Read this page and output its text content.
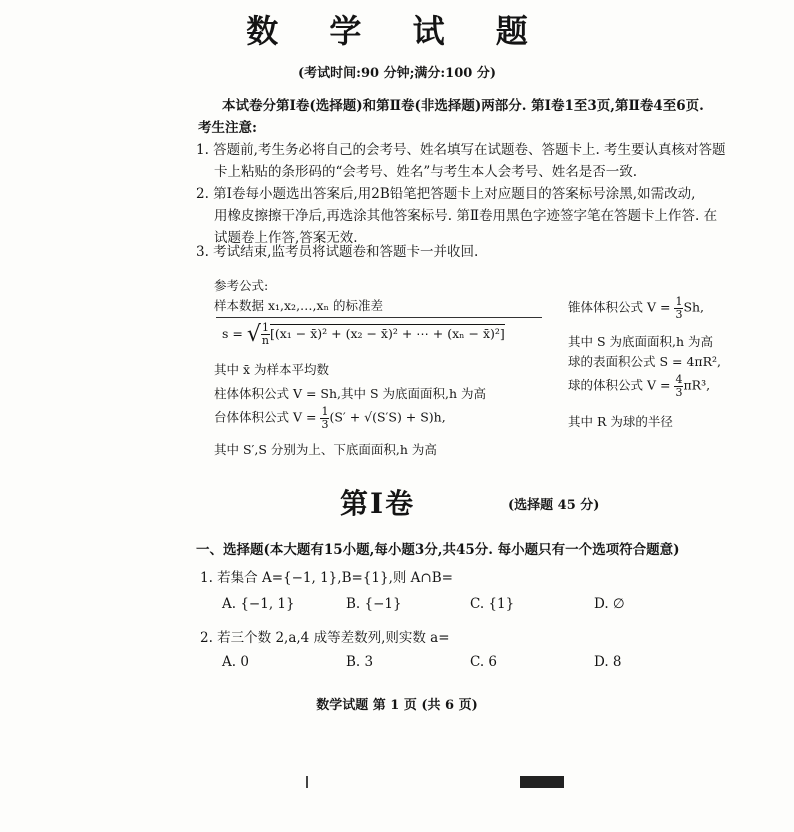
数 学 试 题
(考试时间:90 分钟;满分:100 分)
本试卷分第Ⅰ卷(选择题)和第Ⅱ卷(非选择题)两部分. 第Ⅰ卷1至3页,第Ⅱ卷4至6页.
考生注意:
1. 答题前,考生务必将自己的会考号、姓名填写在试题卷、答题卡上. 考生要认真核对答题
卡上粘贴的条形码的“会考号、姓名”与考生本人会考号、姓名是否一致.
2. 第Ⅰ卷每小题选出答案后,用2B铅笔把答题卡上对应题目的答案标号涂黑,如需改动,
用橡皮擦擦干净后,再选涂其他答案标号. 第Ⅱ卷用黑色字迹签字笔在答题卡上作答. 在
试题卷上作答,答案无效.
3. 考试结束,监考员将试题卷和答题卡一并收回.
参考公式:
样本数据 x₁,x₂,…,xₙ 的标准差
s = √ $\frac{1}{n} [(x_1$ − x̄)² + (x₂ − x̄)² + ⋯ + (xₙ − x̄)²]
其中 x̄ 为样本平均数
柱体体积公式 V = Sh,其中 S 为底面面积,h 为高
台体体积公式 $V = \frac{1}{3} (S' + √(S'S) + S)h$,
其中 S′,S 分别为上、下底面面积,h 为高
锥体体积公式 $V = \frac{1}{3} Sh$,
其中 S 为底面面积,h 为高
球的表面积公式 S = 4πR²,
球的体积公式 $V = \frac{4}{3} \pi R^3$,
其中 R 为球的半径
第Ⅰ卷	(选择题 45 分)
一、选择题(本大题有15小题,每小题3分,共45分. 每小题只有一个选项符合题意)
1. 若集合 A={−1, 1},B={1},则 A∩B=
A. {−1, 1}	B. {−1}	C. {1}	D. ∅
2. 若三个数 2,a,4 成等差数列,则实数 a=
A. 0	B. 3	C. 6	D. 8
数学试题 第 1 页 (共 6 页)
